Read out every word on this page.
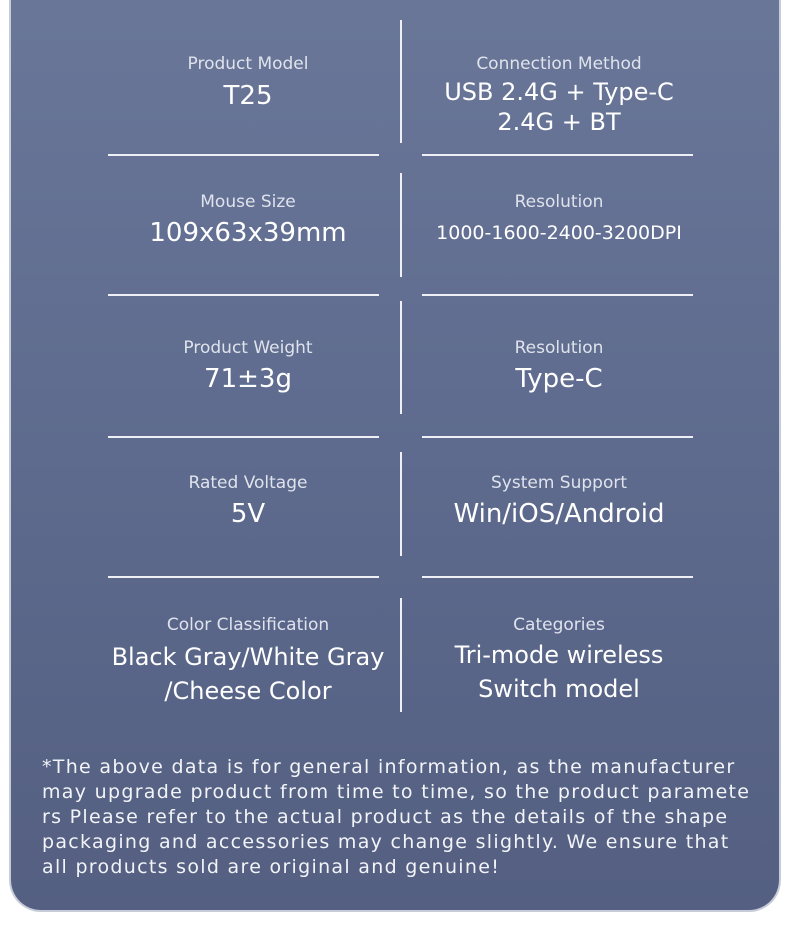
Product Model
T25
Connection Method
USB 2.4G + Type-C
2.4G + BT
Mouse Size
109x63x39mm
Resolution
1000-1600-2400-3200DPI
Product Weight
71±3g
Resolution
Type-C
Rated Voltage
5V
System Support
Win/iOS/Android
Color Classification
Black Gray/White Gray
/Cheese Color
Categories
Tri-mode wireless
Switch model
*The above data is for general information, as the manufacturer may upgrade product from time to time, so the product paramete rs Please refer to the actual product as the details of the shape packaging and accessories may change slightly. We ensure that all products sold are original and genuine!
